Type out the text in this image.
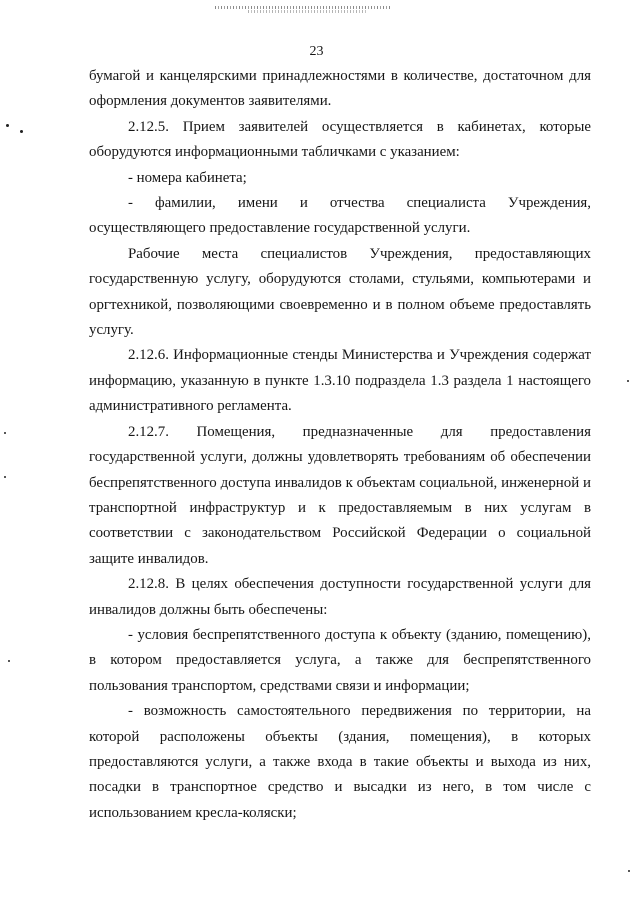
23

бумагой и канцелярскими принадлежностями в количестве, достаточном для оформления документов заявителями.

2.12.5. Прием заявителей осуществляется в кабинетах, которые оборудуются информационными табличками с указанием:

- номера кабинета;

- фамилии, имени и отчества специалиста Учреждения, осуществляющего предоставление государственной услуги.

Рабочие места специалистов Учреждения, предоставляющих государственную услугу, оборудуются столами, стульями, компьютерами и оргтехникой, позволяющими своевременно и в полном объеме предоставлять услугу.

2.12.6. Информационные стенды Министерства и Учреждения содержат информацию, указанную в пункте 1.3.10 подраздела 1.3 раздела 1 настоящего административного регламента.

2.12.7. Помещения, предназначенные для предоставления государственной услуги, должны удовлетворять требованиям об обеспечении беспрепятственного доступа инвалидов к объектам социальной, инженерной и транспортной инфраструктур и к предоставляемым в них услугам в соответствии с законодательством Российской Федерации о социальной защите инвалидов.

2.12.8. В целях обеспечения доступности государственной услуги для инвалидов должны быть обеспечены:

- условия беспрепятственного доступа к объекту (зданию, помещению), в котором предоставляется услуга, а также для беспрепятственного пользования транспортом, средствами связи и информации;

- возможность самостоятельного передвижения по территории, на которой расположены объекты (здания, помещения), в которых предоставляются услуги, а также входа в такие объекты и выхода из них, посадки в транспортное средство и высадки из него, в том числе с использованием кресла-коляски;
